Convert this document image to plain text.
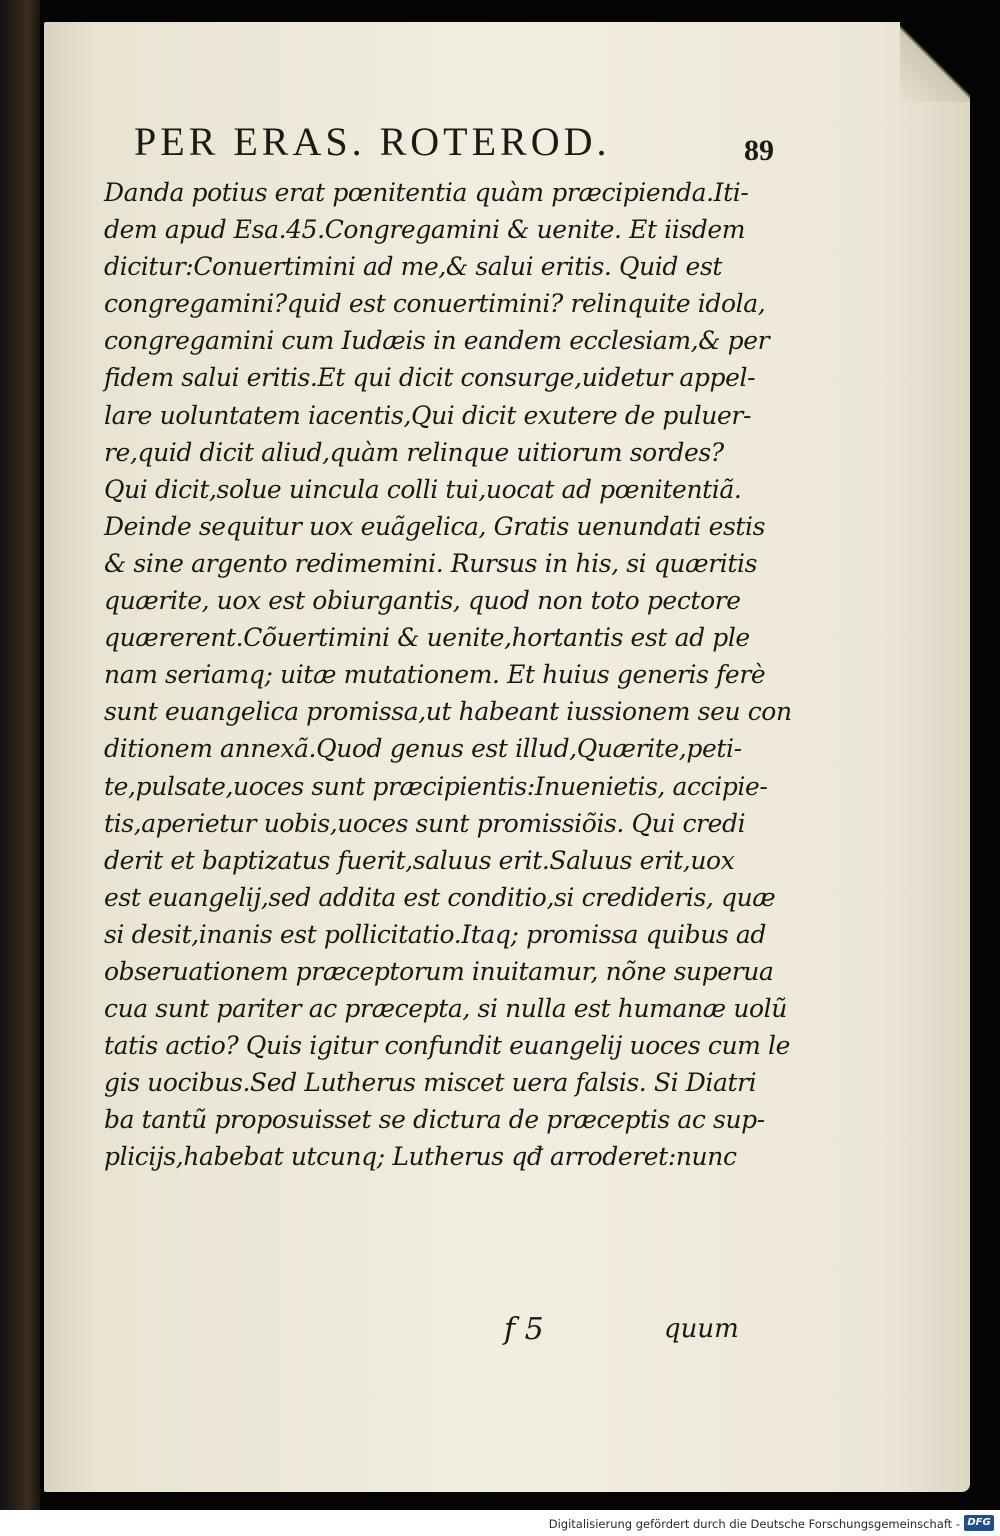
PER ERAS. ROTEROD.	89
Danda potius erat pœnitentia quàm præcipienda.Iti-
dem apud Esa.45.Congregamini & uenite. Et iisdem
dicitur:Conuertimini ad me,& salui eritis. Quid est
congregamini?quid est conuertimini? relinquite idola,
congregamini cum Iudæis in eandem ecclesiam,& per
fidem salui eritis.Et qui dicit consurge,uidetur appel-
lare uoluntatem iacentis,Qui dicit exutere de puluer-
re,quid dicit aliud,quàm relinque uitiorum sordes?
Qui dicit,solue uincula colli tui,uocat ad pœnitentiã.
Deinde sequitur uox euãgelica, Gratis uenundati estis
& sine argento redimemini. Rursus in his, si quæritis
quærite, uox est obiurgantis, quod non toto pectore
quærerent.Cõuertimini & uenite,hortantis est ad ple
nam seriamq; uitæ mutationem. Et huius generis ferè
sunt euangelica promissa,ut habeant iussionem seu con
ditionem annexã.Quod genus est illud,Quærite,peti-
te,pulsate,uoces sunt præcipientis:Inuenietis, accipie-
tis,aperietur uobis,uoces sunt promissiõis. Qui credi
derit et baptizatus fuerit,saluus erit.Saluus erit,uox
est euangelij,sed addita est conditio,si credideris, quæ
si desit,inanis est pollicitatio.Itaq; promissa quibus ad
obseruationem præceptorum inuitamur, nõne superua
cua sunt pariter ac præcepta, si nulla est humanæ uolũ
tatis actio? Quis igitur confundit euangelij uoces cum le
gis uocibus.Sed Lutherus miscet uera falsis. Si Diatri
ba tantũ proposuisset se dictura de præceptis ac sup-
plicijs,habebat utcunq; Lutherus qđ arroderet:nunc
f 5	quum
Digitalisierung gefördert durch die Deutsche Forschungsgemeinschaft - DFG
